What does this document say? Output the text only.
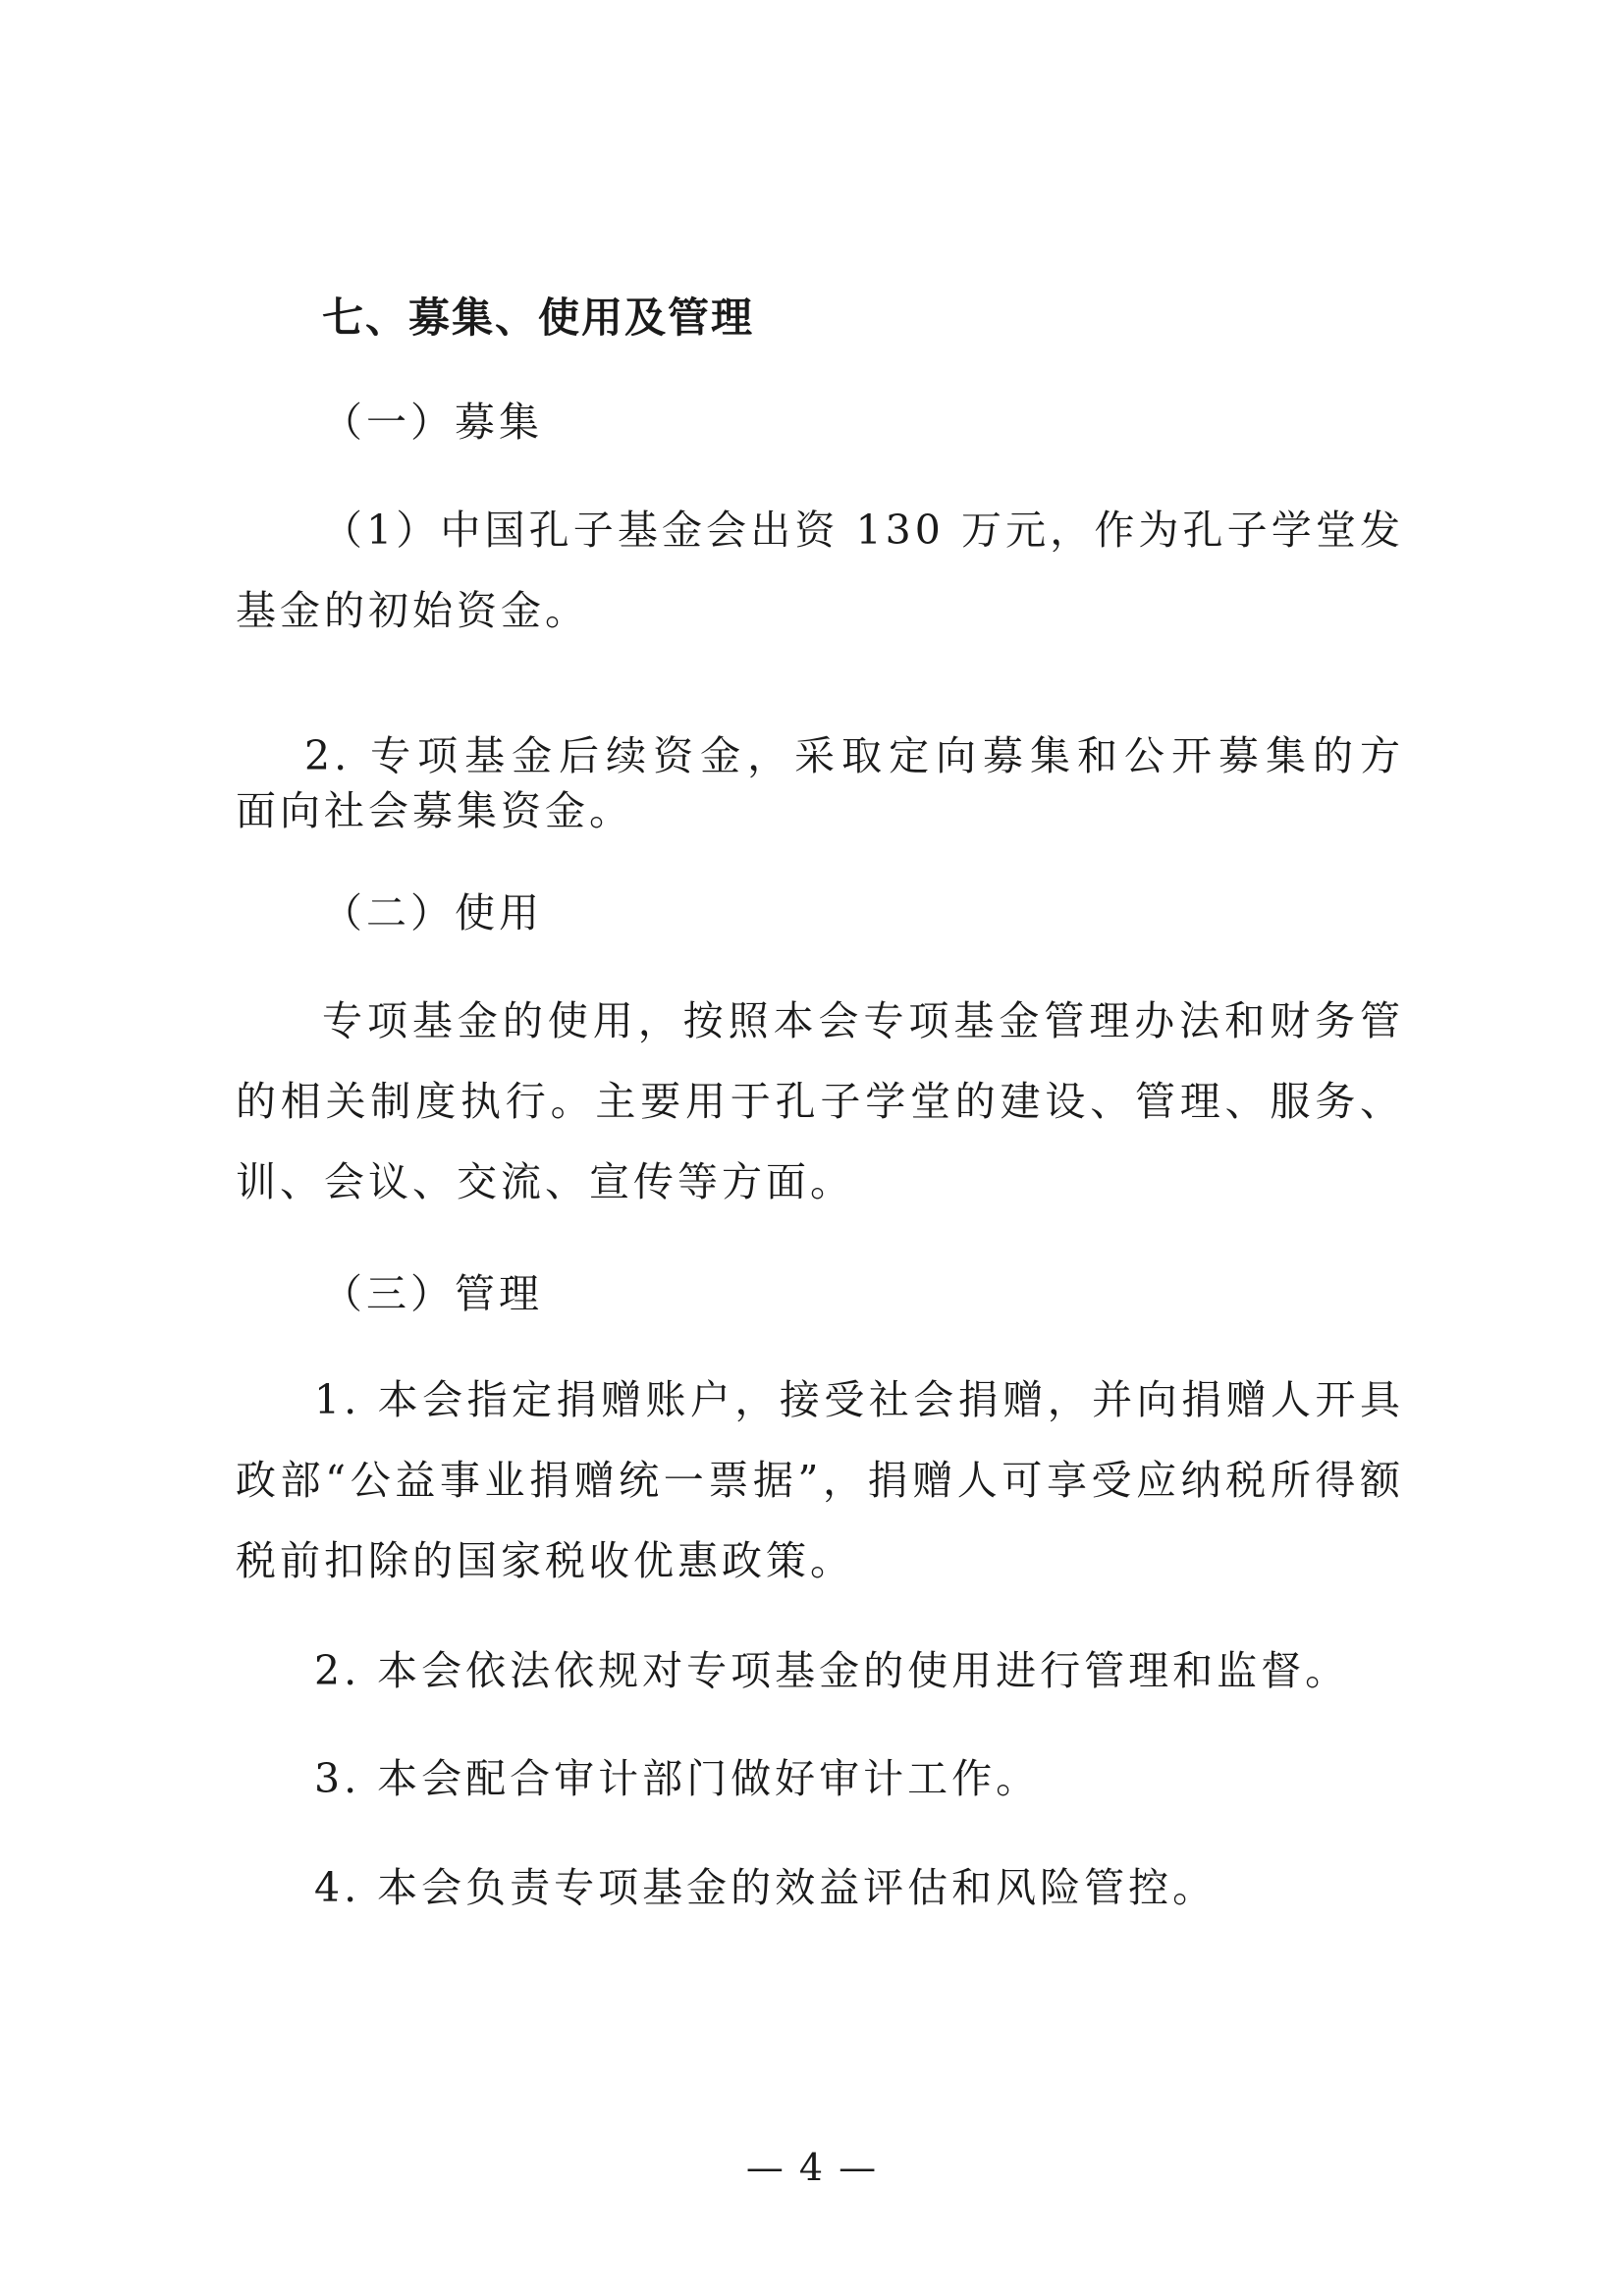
七、募集、使用及管理
（一）募集
（1）中国孔子基金会出资 130 万元，作为孔子学堂发
基金的初始资金。
2. 专项基金后续资金，采取定向募集和公开募集的方
面向社会募集资金。
（二）使用
专项基金的使用，按照本会专项基金管理办法和财务管
的相关制度执行。主要用于孔子学堂的建设、管理、服务、
训、会议、交流、宣传等方面。
（三）管理
1. 本会指定捐赠账户，接受社会捐赠，并向捐赠人开具
政部“公益事业捐赠统一票据”，捐赠人可享受应纳税所得额
税前扣除的国家税收优惠政策。
2. 本会依法依规对专项基金的使用进行管理和监督。
3. 本会配合审计部门做好审计工作。
4. 本会负责专项基金的效益评估和风险管控。
— 4 —
